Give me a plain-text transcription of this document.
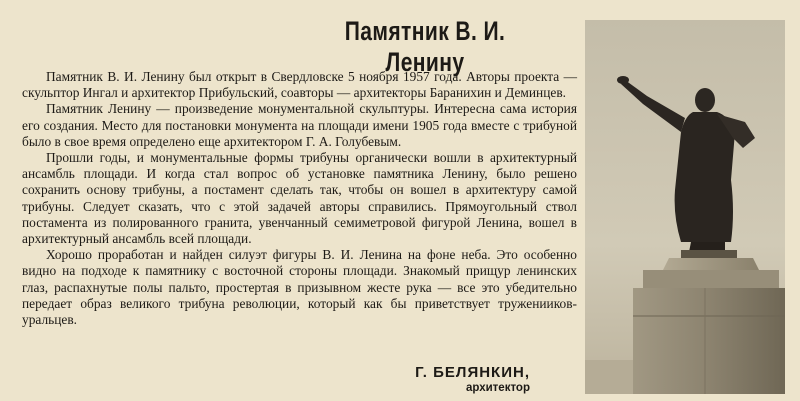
Памятник В. И. Ленину

Памятник В. И. Ленину был открыт в Свердловске 5 ноября 1957 года. Авторы проекта — скульптор Ингал и архитектор Прибульский, соавторы — архитекторы Баранихин и Деминцев.

Памятник Ленину — произведение монументальной скульптуры. Интересна сама история его создания. Место для постановки монумента на площади имени 1905 года вместе с трибуной было в свое время определено еще архитектором Г. А. Голубевым.

Прошли годы, и монументальные формы трибуны органически вошли в архитектурный ансамбль площади. И когда стал вопрос об установке памятника Ленину, было решено сохранить основу трибуны, а постамент сделать так, чтобы он вошел в архитектуру самой трибуны. Следует сказать, что с этой задачей авторы справились. Прямоугольный ствол постамента из полированного гранита, увенчанный семиметровой фигурой Ленина, вошел в архитектурный ансамбль всей площади.

Хорошо проработан и найден силуэт фигуры В. И. Ленина на фоне неба. Это особенно видно на подходе к памятнику с восточной стороны площади. Знакомый прищур ленинских глаз, распахнутые полы пальто, простертая в призывном жесте рука — все это убедительно передает образ великого трибуна революции, который как бы приветствует труженииков-уральцев.

Г. БЕЛЯНКИН,
архитектор
